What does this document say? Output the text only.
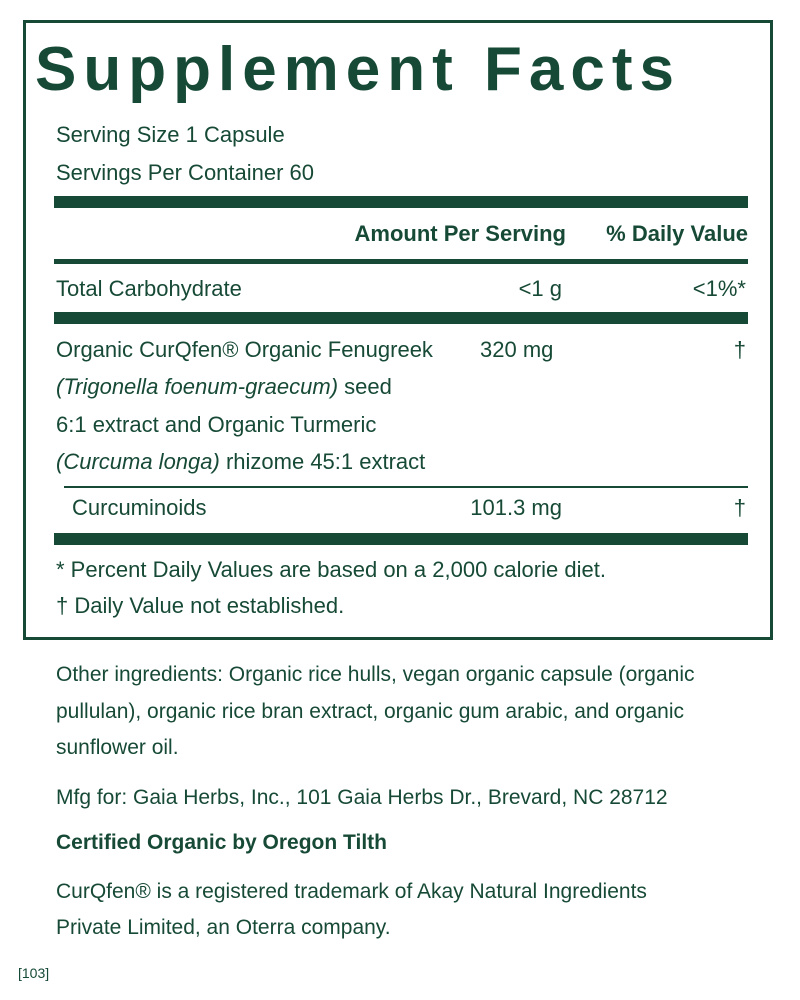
Supplement Facts
Serving Size 1 Capsule
Servings Per Container 60
Amount Per Serving	% Daily Value
Total Carbohydrate	<1 g	<1%*
Organic CurQfen® Organic Fenugreek
(Trigonella foenum-graecum) seed
6:1 extract and Organic Turmeric
(Curcuma longa) rhizome 45:1 extract
320 mg	†
Curcuminoids	101.3 mg	†
* Percent Daily Values are based on a 2,000 calorie diet.
† Daily Value not established.
Other ingredients: Organic rice hulls, vegan organic capsule (organic
pullulan), organic rice bran extract, organic gum arabic, and organic
sunflower oil.
Mfg for: Gaia Herbs, Inc., 101 Gaia Herbs Dr., Brevard, NC 28712
Certified Organic by Oregon Tilth
CurQfen® is a registered trademark of Akay Natural Ingredients
Private Limited, an Oterra company.
[103]
